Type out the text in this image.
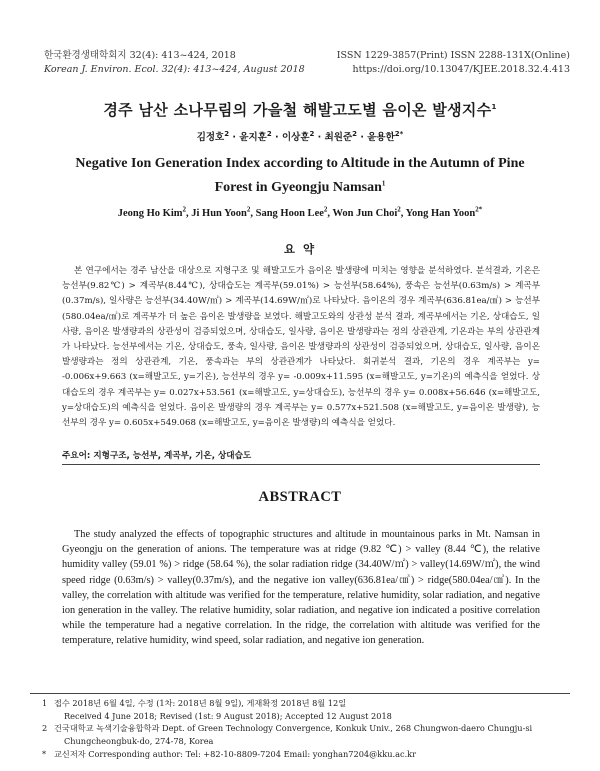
한국환경생태학회지 32(4): 413~424, 2018
Korean J. Environ. Ecol. 32(4): 413~424, August 2018
ISSN 1229-3857(Print) ISSN 2288-131X(Online)
https://doi.org/10.13047/KJEE.2018.32.4.413
경주 남산 소나무림의 가을철 해발고도별 음이온 발생지수$^1$
김정호$^2$ · 윤지훈$^2$ · 이상훈$^2$ · 최원준$^2$ · 윤용한$^{2*}$
Negative Ion Generation Index according to Altitude in the Autumn of Pine Forest in Gyeongju Namsan$^1$
Jeong Ho Kim$^2$, Ji Hun Yoon$^2$, Sang Hoon Lee$^2$, Won Jun Choi$^2$, Yong Han Yoon$^{2*}$
요 약

본 연구에서는 경주 남산을 대상으로 지형구조 및 해발고도가 음이온 발생량에 미치는 영향을 분석하였다. 분석결과, 기온은 능선부(9.82℃) > 계곡부(8.44℃), 상대습도는 계곡부(59.01%) > 능선부(58.64%), 풍속은 능선부(0.63m/s) > 계곡부(0.37m/s), 일사량은 능선부(34.40W/㎡) > 계곡부(14.69W/㎡)로 나타났다. 음이온의 경우 계곡부(636.81ea/㎤) > 능선부(580.04ea/㎤)로 계곡부가 더 높은 음이온 발생량을 보였다. 해발고도와의 상관성 분석 결과, 계곡부에서는 기온, 상대습도, 일사량, 음이온 발생량과의 상관성이 검증되었으며, 상대습도, 일사량, 음이온 발생량과는 정의 상관관계, 기온과는 부의 상관관계가 나타났다. 능선부에서는 기온, 상대습도, 풍속, 일사량, 음이온 발생량과의 상관성이 검증되었으며, 상대습도, 일사량, 음이온 발생량과는 정의 상관관계, 기온, 풍속과는 부의 상관관계가 나타났다. 회귀분석 결과, 기온의 경우 계곡부는 y= -0.006x+9.663 (x=해발고도, y=기온), 능선부의 경우 y= -0.009x+11.595 (x=해발고도, y=기온)의 예측식을 얻었다. 상대습도의 경우 계곡부는 y= 0.027x+53.561 (x=해발고도, y=상대습도), 능선부의 경우 y= 0.008x+56.646 (x=해발고도, y=상대습도)의 예측식을 얻었다. 음이온 발생량의 경우 계곡부는 y= 0.577x+521.508 (x=해발고도, y=음이온 발생량), 능선부의 경우 y= 0.605x+549.068 (x=해발고도, y=음이온 발생량)의 예측식을 얻었다.

주요어: 지형구조, 능선부, 계곡부, 기온, 상대습도
ABSTRACT

The study analyzed the effects of topographic structures and altitude in mountainous parks in Mt. Namsan in Gyeongju on the generation of anions. The temperature was at ridge (9.82 ℃) > valley (8.44 ℃), the relative humidity valley (59.01 %) > ridge (58.64 %), the solar radiation ridge (34.40W/㎡) > valley(14.69W/㎡), the wind speed ridge (0.63m/s) > valley(0.37m/s), and the negative ion valley(636.81ea/㎤) > ridge(580.04ea/㎤). In the valley, the correlation with altitude was verified for the temperature, relative humidity, solar radiation, and negative ion generation in the valley. The relative humidity, solar radiation, and negative ion indicated a positive correlation while the temperature had a negative correlation. In the ridge, the correlation with altitude was verified for the temperature, relative humidity, wind speed, solar radiation, and negative ion generation.

1 접수 2018년 6월 4일, 수정 (1차: 2018년 8월 9일), 게재확정 2018년 8월 12일
Received 4 June 2018; Revised (1st: 9 August 2018); Accepted 12 August 2018
2 건국대학교 녹색기술융합학과 Dept. of Green Technology Convergence, Konkuk Univ., 268 Chungwon-daero Chungju-si
Chungcheongbuk-do, 274-78, Korea
* 교신저자 Corresponding author: Tel: +82-10-8809-7204 Email: yonghan7204@kku.ac.kr
